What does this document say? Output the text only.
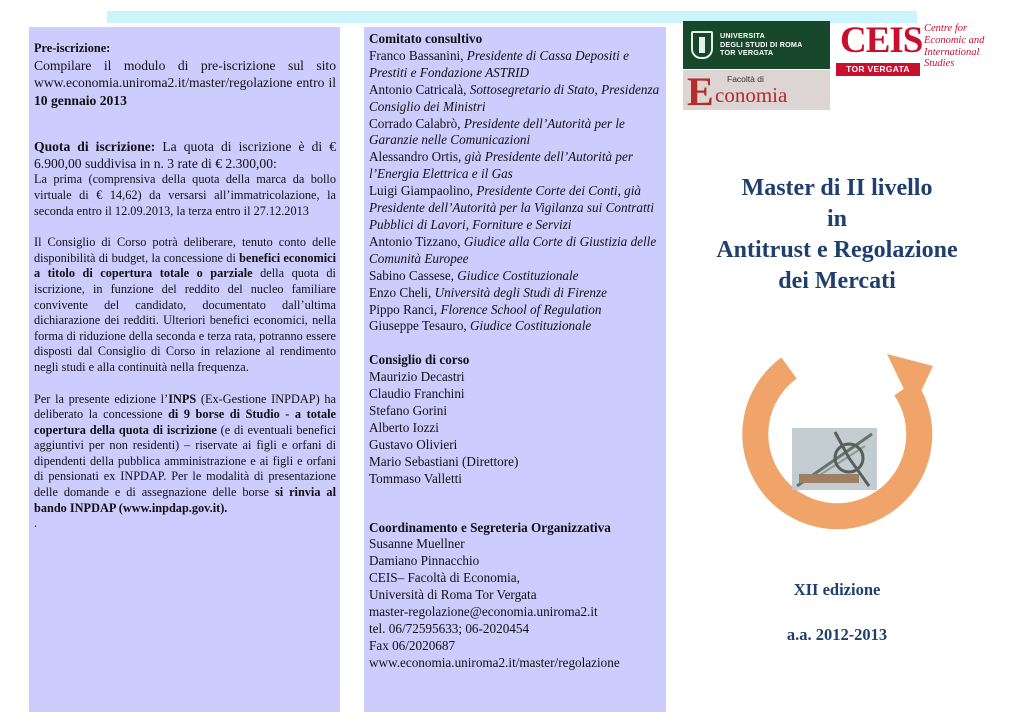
Pre-iscrizione:
Compilare il modulo di pre-iscrizione sul sito www.economia.uniroma2.it/master/regolazione entro il 10 gennaio 2013

Quota di iscrizione: La quota di iscrizione è di € 6.900,00 suddivisa in n. 3 rate di € 2.300,00:

La prima (comprensiva della quota della marca da bollo virtuale di € 14,62) da versarsi all’immatricolazione, la seconda entro il 12.09.2013, la terza entro il 27.12.2013

Il Consiglio di Corso potrà deliberare, tenuto conto delle disponibilità di budget, la concessione di benefici economici a titolo di copertura totale o parziale della quota di iscrizione, in funzione del reddito del nucleo familiare convivente del candidato, documentato dall’ultima dichiarazione dei redditi. Ulteriori benefici economici, nella forma di riduzione della seconda e terza rata, potranno essere disposti dal Consiglio di Corso in relazione al rendimento negli studi e alla continuità nella frequenza.

Per la presente edizione l’INPS (Ex-Gestione INPDAP) ha deliberato la concessione di 9 borse di Studio - a totale copertura della quota di iscrizione (e di eventuali benefici aggiuntivi per non residenti) – riservate ai figli e orfani di dipendenti della pubblica amministrazione e ai figli e orfani di pensionati ex INPDAP. Per le modalità di presentazione delle domande e di assegnazione delle borse si rinvia al bando INPDAP (www.inpdap.gov.it).

.

Comitato consultivo

Franco Bassanini, Presidente di Cassa Depositi e Prestiti e Fondazione ASTRID

Antonio Catricalà, Sottosegretario di Stato, Presidenza Consiglio dei Ministri

Corrado Calabrò, Presidente dell’Autorità per le Garanzie nelle Comunicazioni

Alessandro Ortis, già Presidente dell’Autorità per l’Energia Elettrica e il Gas

Luigi Giampaolino, Presidente Corte dei Conti, già Presidente dell’Autorità per la Vigilanza sui Contratti Pubblici di Lavori, Forniture e Servizi

Antonio Tizzano, Giudice alla Corte di Giustizia delle Comunità Europee

Sabino Cassese, Giudice Costituzionale

Enzo Cheli, Università degli Studi di Firenze

Pippo Ranci, Florence School of Regulation

Giuseppe Tesauro, Giudice Costituzionale

Consiglio di corso

Maurizio Decastri

Claudio Franchini

Stefano Gorini

Alberto Iozzi

Gustavo Olivieri

Mario Sebastiani (Direttore)

Tommaso Valletti

Coordinamento e Segreteria Organizzativa

Susanne Muellner

Damiano Pinnacchio

CEIS– Facoltà di Economia,

Università di Roma Tor Vergata

master-regolazione@economia.uniroma2.it

tel. 06/72595633; 06-2020454

Fax 06/2020687

www.economia.uniroma2.it/master/regolazione

UNIVERSITA
DEGLI STUDI DI ROMA
TOR VERGATA
Facoltà di
E conomia
CEIS
TOR VERGATA
Centre for Economic and International Studies
Master di II livello
in
Antitrust e Regolazione
dei Mercati
XII edizione
a.a. 2012-2013
